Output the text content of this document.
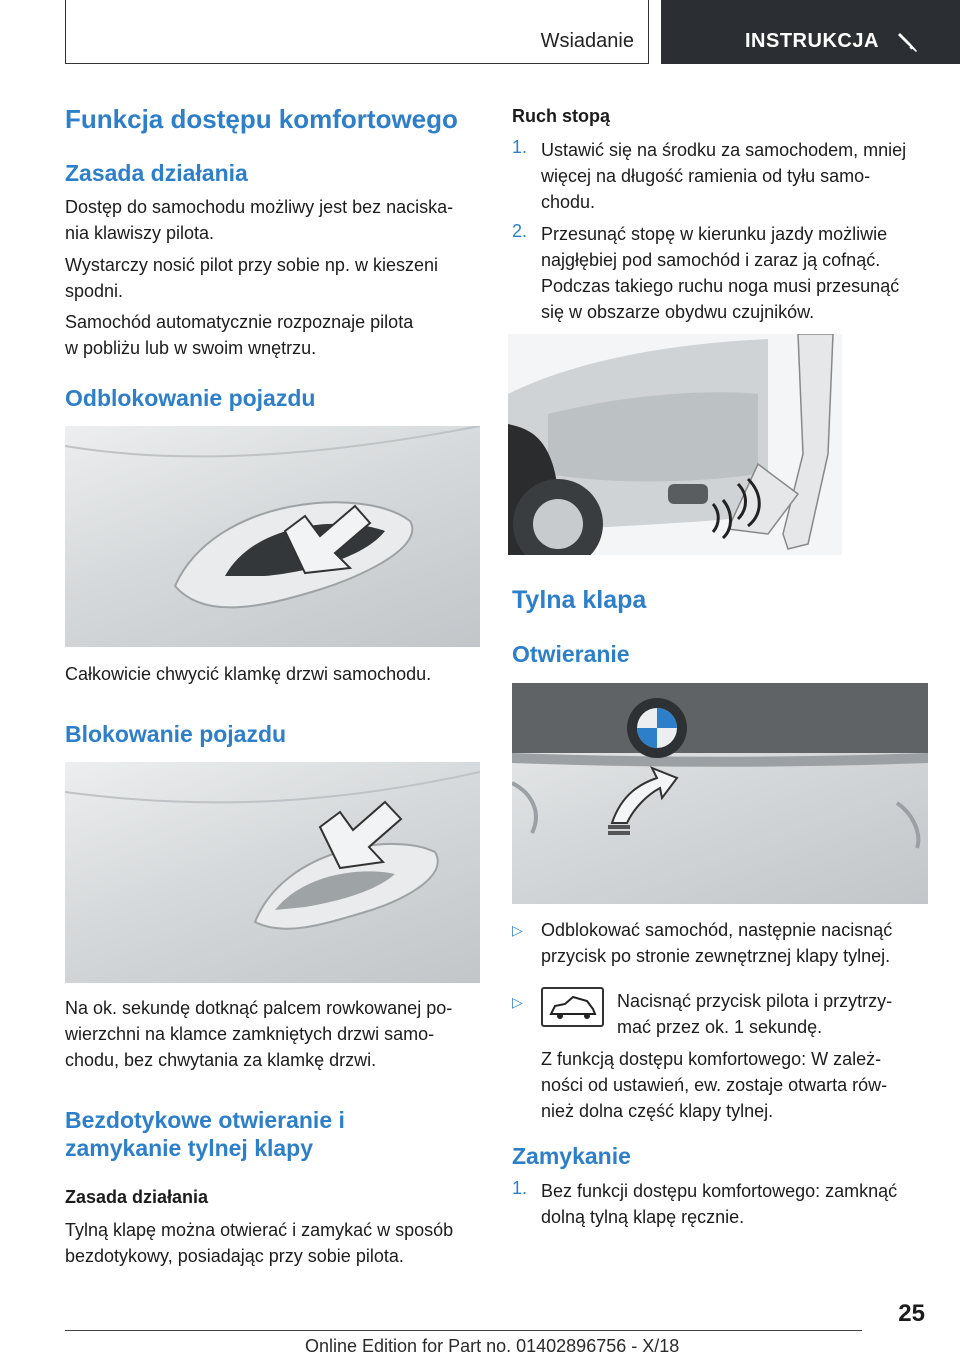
Wsiadanie	INSTRUKCJA
Funkcja dostępu komfortowego
Zasada działania
Dostęp do samochodu możliwy jest bez naciska‐
nia klawiszy pilota.
Wystarczy nosić pilot przy sobie np. w kieszeni
spodni.
Samochód automatycznie rozpoznaje pilota
w pobliżu lub w swoim wnętrzu.
Odblokowanie pojazdu
Całkowicie chwycić klamkę drzwi samochodu.
Blokowanie pojazdu
Na ok. sekundę dotknąć palcem rowkowanej po‐
wierzchni na klamce zamkniętych drzwi samo‐
chodu, bez chwytania za klamkę drzwi.
Bezdotykowe otwieranie i
zamykanie tylnej klapy
Zasada działania
Tylną klapę można otwierać i zamykać w sposób
bezdotykowy, posiadając przy sobie pilota.
Ruch stopą
1. Ustawić się na środku za samochodem, mniej
więcej na długość ramienia od tyłu samo‐
chodu.
2. Przesunąć stopę w kierunku jazdy możliwie
najgłębiej pod samochód i zaraz ją cofnąć.
Podczas takiego ruchu noga musi przesunąć
się w obszarze obydwu czujników.
Tylna klapa
Otwieranie
▷ Odblokować samochód, następnie nacisnąć
przycisk po stronie zewnętrznej klapy tylnej.
▷	Nacisnąć przycisk pilota i przytrzy‐
mać przez ok. 1 sekundę.
Z funkcją dostępu komfortowego: W zależ‐
ności od ustawień, ew. zostaje otwarta rów‐
nież dolna część klapy tylnej.
Zamykanie
1. Bez funkcji dostępu komfortowego: zamknąć
dolną tylną klapę ręcznie.
25
Online Edition for Part no. 01402896756 - X/18
